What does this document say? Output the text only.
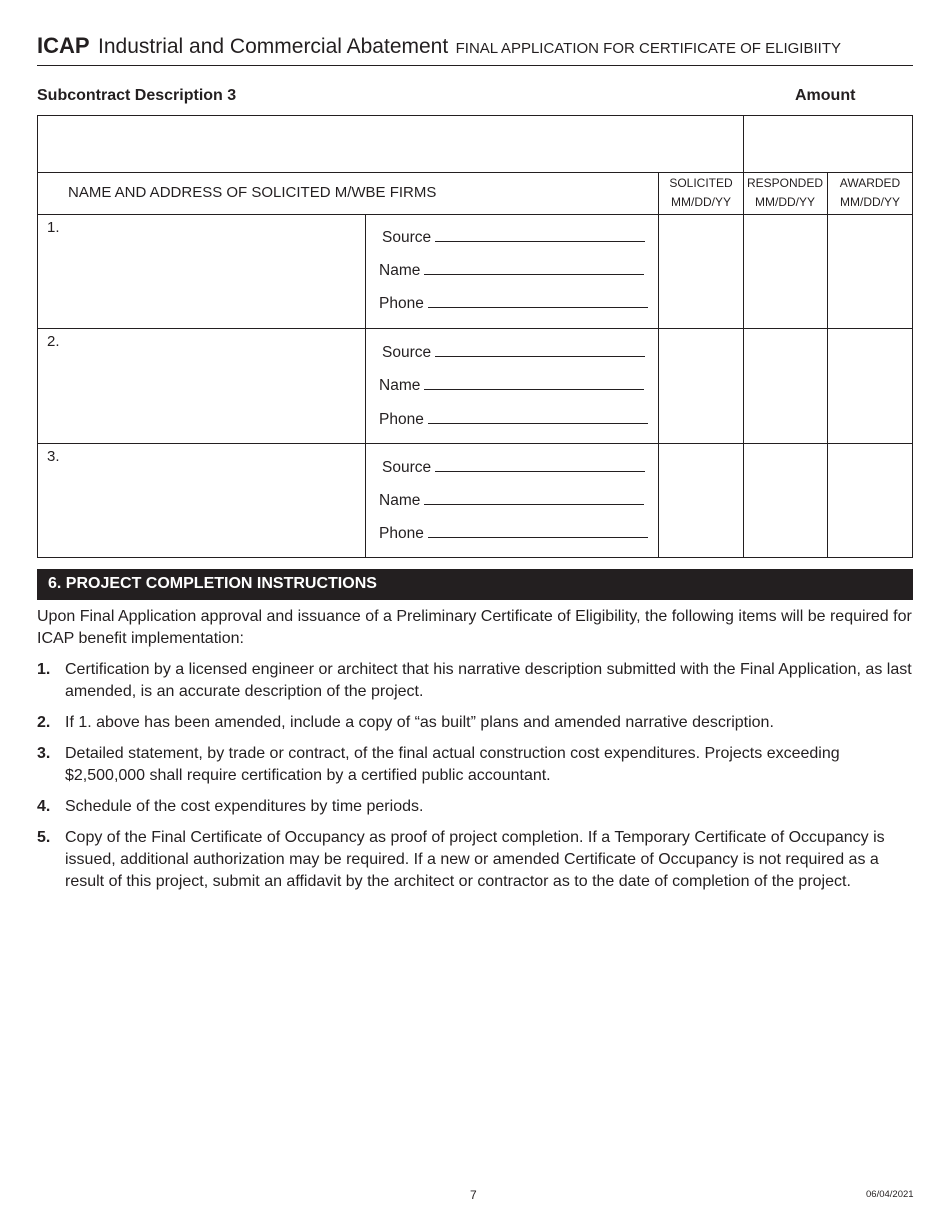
ICAP Industrial and Commercial Abatement FINAL APPLICATION FOR CERTIFICATE OF ELIGIBIITY
Subcontract Description 3	Amount
NAME AND ADDRESS OF SOLICITED M/WBE FIRMS
SOLICITED
MM/DD/YY
RESPONDED
MM/DD/YY
AWARDED
MM/DD/YY
1.
Source
Name
Phone
2.
Source
Name
Phone
3.
Source
Name
Phone
6. PROJECT COMPLETION INSTRUCTIONS
Upon Final Application approval and issuance of a Preliminary Certificate of Eligibility, the following items will be required for ICAP benefit implementation:
1. Certification by a licensed engineer or architect that his narrative description submitted with the Final Application, as last amended, is an accurate description of the project.
2. If 1. above has been amended, include a copy of “as built” plans and amended narrative description.
3. Detailed statement, by trade or contract, of the final actual construction cost expenditures. Projects exceeding $2,500,000 shall require certification by a certified public accountant.
4. Schedule of the cost expenditures by time periods.
5. Copy of the Final Certificate of Occupancy as proof of project completion. If a Temporary Certificate of Occupancy is issued, additional authorization may be required. If a new or amended Certificate of Occupancy is not required as a result of this project, submit an affidavit by the architect or contractor as to the date of completion of the project.
7	06/04/2021
